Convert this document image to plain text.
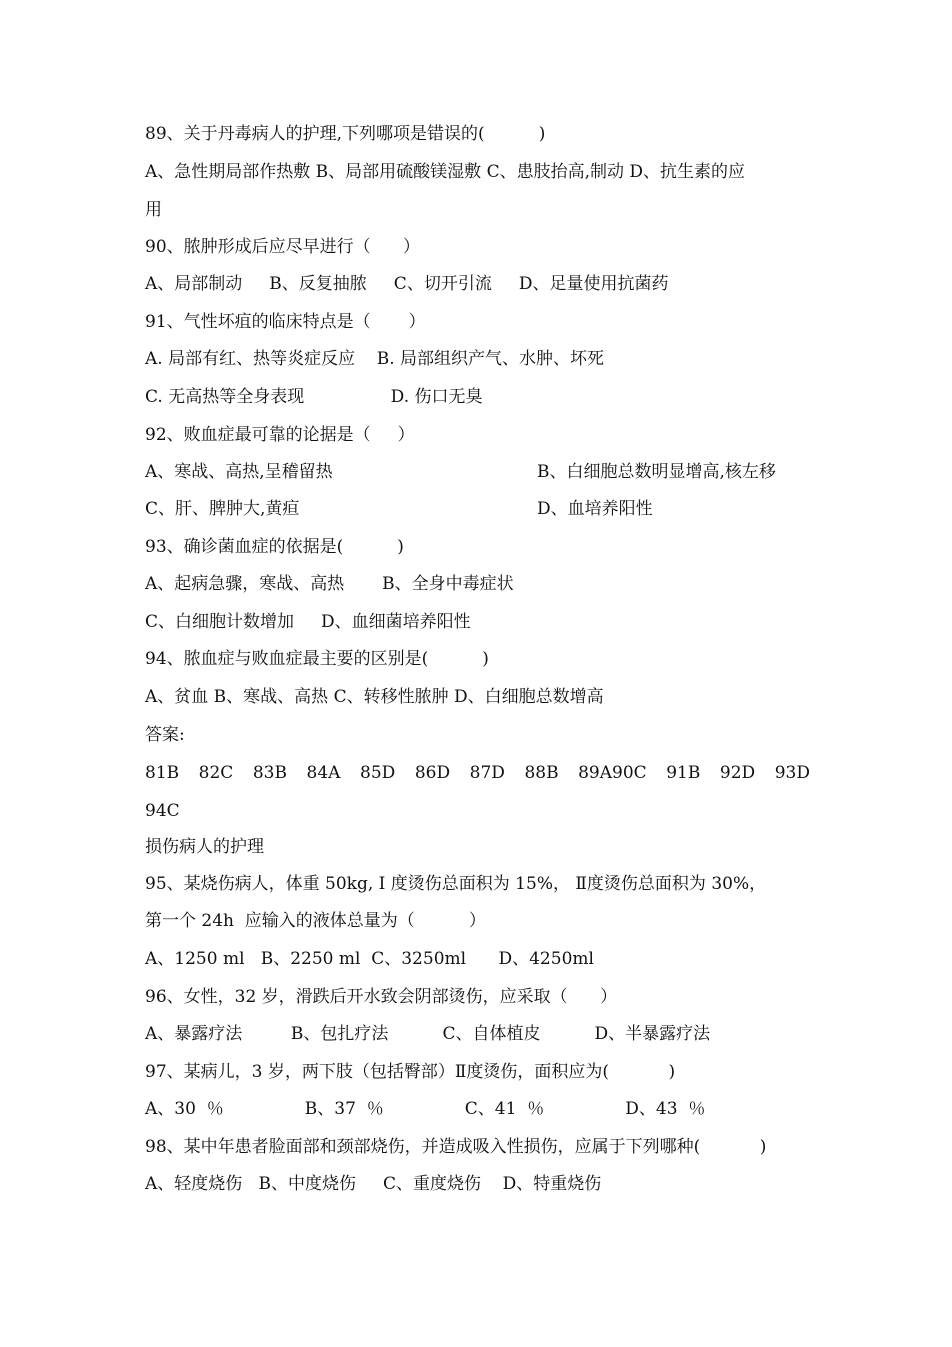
89、关于丹毒病人的护理,下列哪项是错误的(          )
A、急性期局部作热敷 B、局部用硫酸镁湿敷 C、患肢抬高,制动 D、抗生素的应
用
90、脓肿形成后应尽早进行（      ）
A、局部制动     B、反复抽脓     C、切开引流     D、足量使用抗菌药
91、气性坏疽的临床特点是（       ）
A. 局部有红、热等炎症反应    B. 局部组织产气、水肿、坏死
C. 无高热等全身表现                D. 伤口无臭
92、败血症最可靠的论据是（     ）
A、寒战、高热,呈稽留热	B、白细胞总数明显增高,核左移
C、肝、脾肿大,黄疸	D、血培养阳性
93、确诊菌血症的依据是(          )
A、起病急骤，寒战、高热       B、全身中毒症状
C、白细胞计数增加     D、血细菌培养阳性
94、脓血症与败血症最主要的区别是(          )
A、贫血 B、寒战、高热 C、转移性脓肿 D、白细胞总数增高
答案:
81B 82C 83B 84A 85D 86D 87D 88B 89A90C 91B 92D 93D
94C
损伤病人的护理
95、某烧伤病人，体重 50kg, I 度烫伤总面积为 15%， Ⅱ度烫伤总面积为 30%，
第一个 24h  应输入的液体总量为（          ）
A、1250 ml   B、2250 ml  C、3250ml      D、4250ml
96、女性，32 岁，滑跌后开水致会阴部烫伤，应采取（      ）
A、暴露疗法         B、包扎疗法          C、自体植皮          D、半暴露疗法
97、某病儿，3 岁，两下肢（包括臀部）Ⅱ度烫伤，面积应为(           )
A、30  ％               B、37  ％               C、41  ％               D、43  ％
98、某中年患者脸面部和颈部烧伤，并造成吸入性损伤，应属于下列哪种(           )
A、轻度烧伤   B、中度烧伤     C、重度烧伤    D、特重烧伤
